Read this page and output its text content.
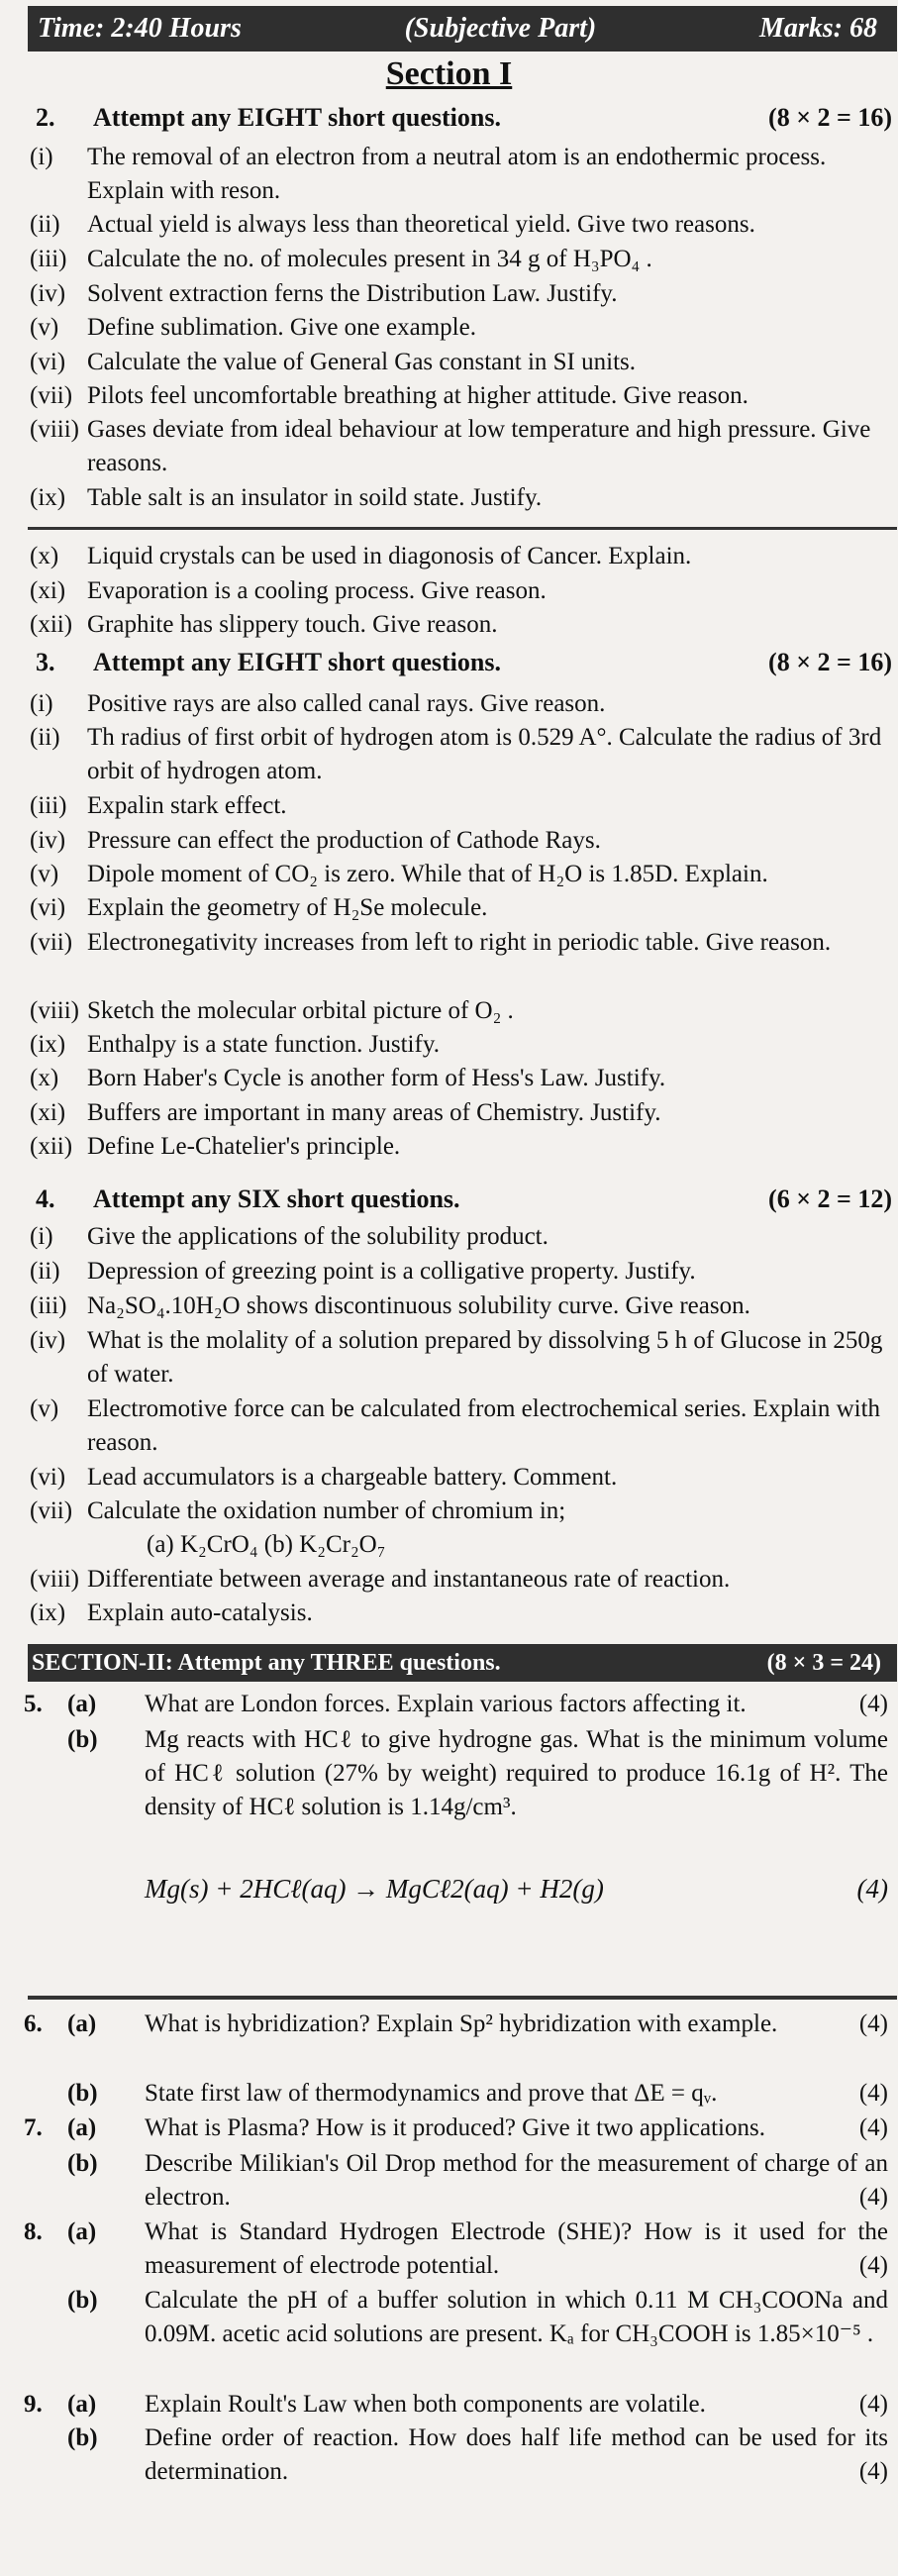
Time: 2:40 Hours	(Subjective Part)	Marks: 68
Section I
2. Attempt any EIGHT short questions.	(8 × 2 = 16)
(i)	The removal of an electron from a neutral atom is an endothermic process. Explain with reson.
(ii)	Actual yield is always less than theoretical yield. Give two reasons.
(iii) Calculate the no. of molecules present in 34 g of H₃PO₄ .
(iv) Solvent extraction ferns the Distribution Law. Justify.
(v)	Define sublimation. Give one example.
(vi) Calculate the value of General Gas constant in SI units.
(vii) Pilots feel uncomfortable breathing at higher attitude. Give reason.
(viii) Gases deviate from ideal behaviour at low temperature and high pressure. Give reasons.
(ix) Table salt is an insulator in soild state. Justify.
(x)	Liquid crystals can be used in diagonosis of Cancer. Explain.
(xi) Evaporation is a cooling process. Give reason.
(xii) Graphite has slippery touch. Give reason.
3. Attempt any EIGHT short questions.	(8 × 2 = 16)
(i)	Positive rays are also called canal rays. Give reason.
(ii)	Th radius of first orbit of hydrogen atom is 0.529 A°. Calculate the radius of 3rd orbit of hydrogen atom.
(iii) Expalin stark effect.
(iv) Pressure can effect the production of Cathode Rays.
(v)	Dipole moment of CO₂ is zero. While that of H₂O is 1.85D. Explain.
(vi) Explain the geometry of H₂Se molecule.
(vii) Electronegativity increases from left to right in periodic table. Give reason.
(viii) Sketch the molecular orbital picture of O₂ .
(ix) Enthalpy is a state function. Justify.
(x)	Born Haber's Cycle is another form of Hess's Law. Justify.
(xi) Buffers are important in many areas of Chemistry. Justify.
(xii) Define Le-Chatelier's principle.
4. Attempt any SIX short questions.	(6 × 2 = 12)
(i)	Give the applications of the solubility product.
(ii)	Depression of greezing point is a colligative property. Justify.
(iii) Na₂SO₄.10H₂O shows discontinuous solubility curve. Give reason.
(iv) What is the molality of a solution prepared by dissolving 5 h of Glucose in 250g of water.
(v)	Electromotive force can be calculated from electrochemical series. Explain with reason.
(vi) Lead accumulators is a chargeable battery. Comment.
(vii) Calculate the oxidation number of chromium in;
(a) K₂CrO₄ (b) K₂Cr₂O₇
(viii) Differentiate between average and instantaneous rate of reaction.
(ix) Explain auto-catalysis.
SECTION-II: Attempt any THREE questions.	(8 × 3 = 24)
5.	(a)	What are London forces. Explain various factors affecting it.	(4)
(b)	Mg reacts with HCℓ to give hydrogne gas. What is the minimum volume of HCℓ solution (27% by weight) required to produce 16.1g of H². The density of HCℓ solution is 1.14g/cm³.
Mg(s) + 2HCℓ(aq) → MgCℓ2(aq) + H2(g)	(4)
6.	(a)	What is hybridization? Explain Sp² hybridization with example.	(4)
(b)	State first law of thermodynamics and prove that ΔE = qᵥ.	(4)
7.	(a)	What is Plasma? How is it produced? Give it two applications.	(4)
(b)	Describe Milikian's Oil Drop method for the measurement of charge of an electron.	(4)
8.	(a)	What is Standard Hydrogen Electrode (SHE)? How is it used for the measurement of electrode potential.	(4)
(b)	Calculate the pH of a buffer solution in which 0.11 M CH₃COONa and 0.09M. acetic acid solutions are present. Kₐ for CH₃COOH is 1.85×10⁻⁵ .
9.	(a)	Explain Roult's Law when both components are volatile.	(4)
(b)	Define order of reaction. How does half life method can be used for its determination.	(4)
